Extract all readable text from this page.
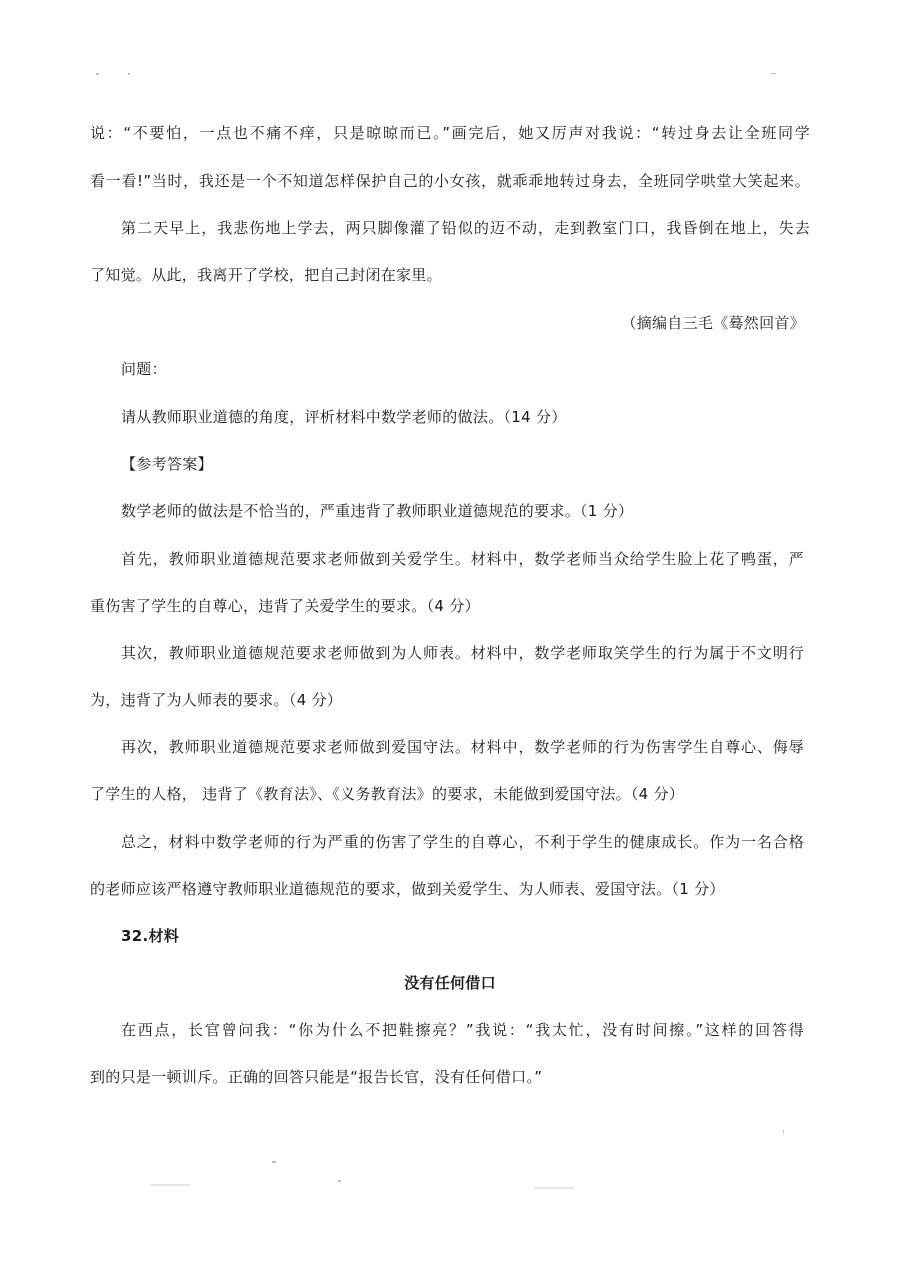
说：“不要怕，一点也不痛不痒，只是晾晾而已。”画完后，她又厉声对我说：“转过身去让全班同学
看一看!”当时，我还是一个不知道怎样保护自己的小女孩，就乖乖地转过身去，全班同学哄堂大笑起来。
第二天早上，我悲伤地上学去，两只脚像灌了铅似的迈不动，走到教室门口，我昏倒在地上，失去
了知觉。从此，我离开了学校，把自己封闭在家里。
（摘编自三毛《蓦然回首》
问题：
请从教师职业道德的角度，评析材料中数学老师的做法。（14 分）
【参考答案】
数学老师的做法是不恰当的，严重违背了教师职业道德规范的要求。（1 分）
首先，教师职业道德规范要求老师做到关爱学生。材料中，数学老师当众给学生脸上花了鸭蛋，严
重伤害了学生的自尊心，违背了关爱学生的要求。（4 分）
其次，教师职业道德规范要求老师做到为人师表。材料中，数学老师取笑学生的行为属于不文明行
为，违背了为人师表的要求。（4 分）
再次，教师职业道德规范要求老师做到爱国守法。材料中，数学老师的行为伤害学生自尊心、侮辱
了学生的人格， 违背了《教育法》、《义务教育法》的要求，未能做到爱国守法。（4 分）
总之，材料中数学老师的行为严重的伤害了学生的自尊心，不利于学生的健康成长。作为一名合格
的老师应该严格遵守教师职业道德规范的要求，做到关爱学生、为人师表、爱国守法。（1 分）
32.材料
没有任何借口
在西点，长官曾问我：“你为什么不把鞋擦亮？”我说：“我太忙，没有时间擦。”这样的回答得
到的只是一顿训斥。正确的回答只能是“报告长官，没有任何借口。”
